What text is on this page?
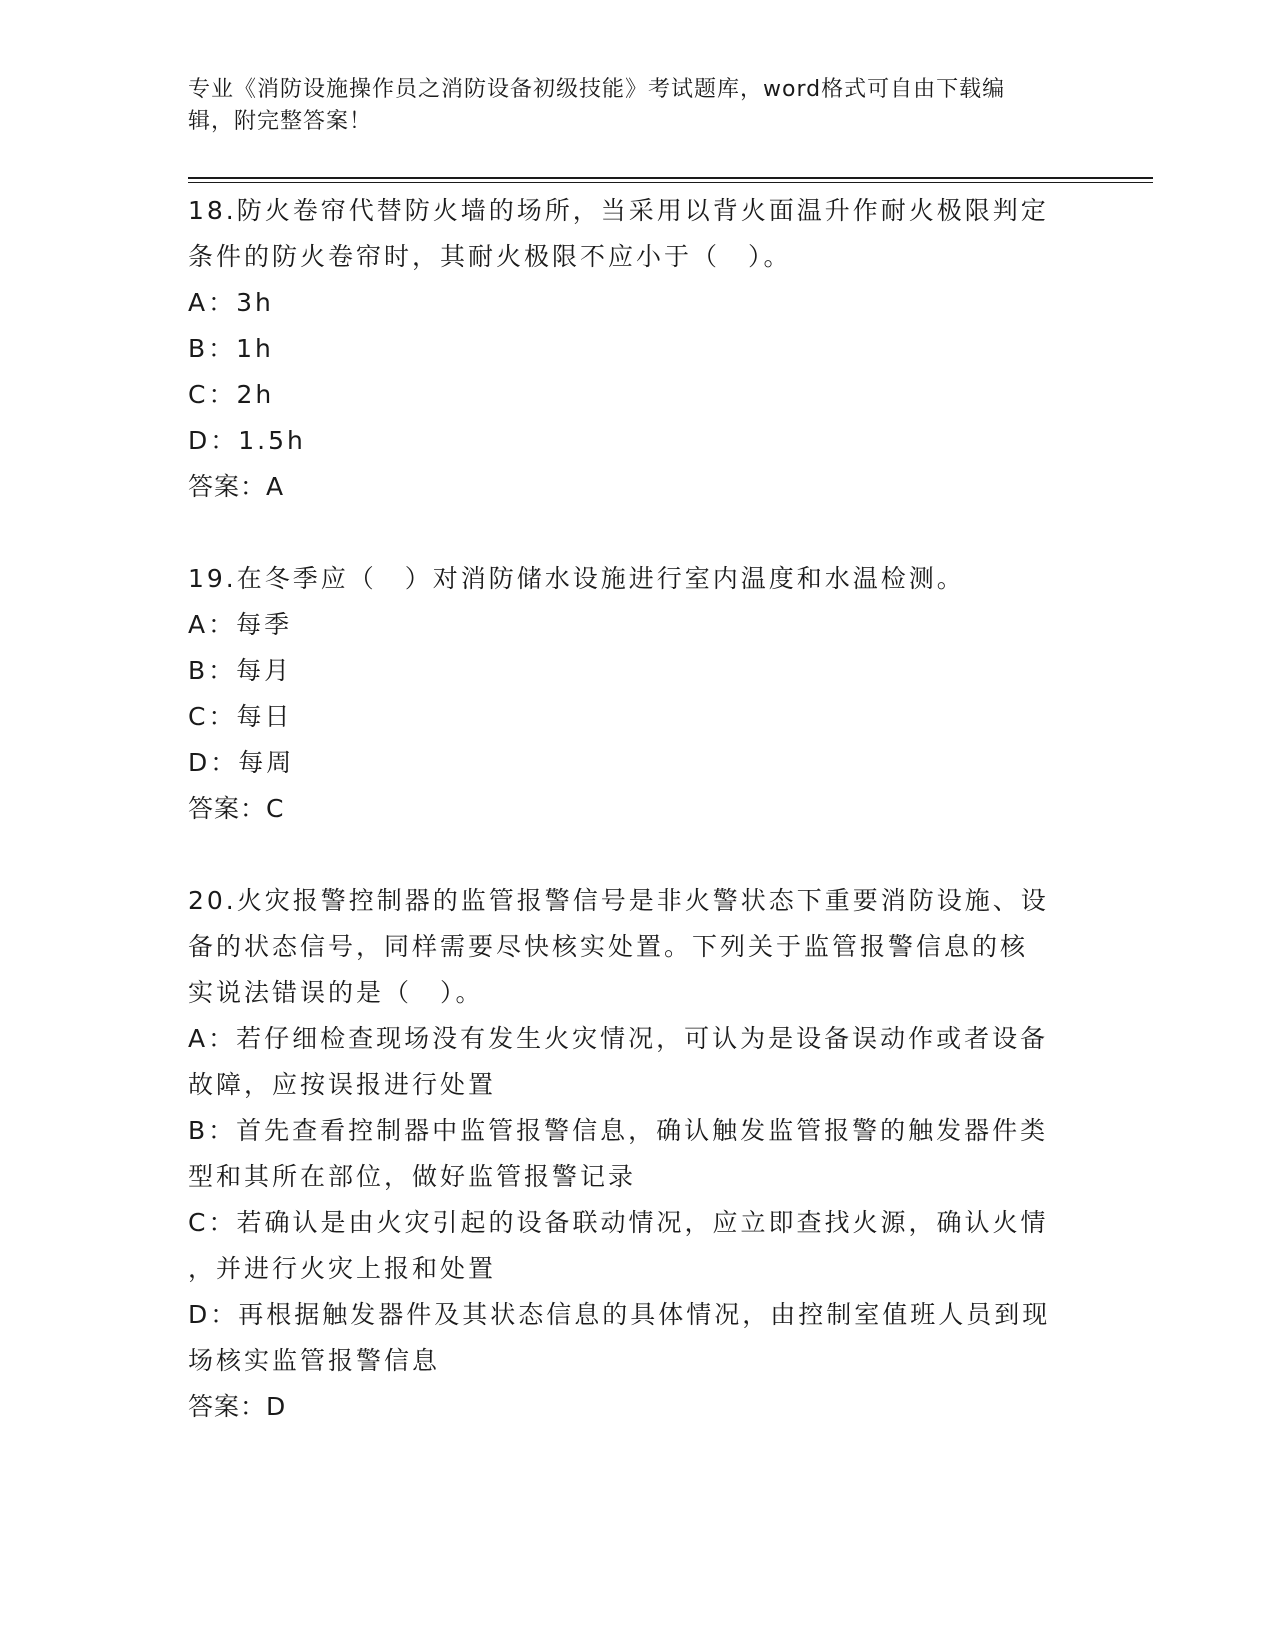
专业《消防设施操作员之消防设备初级技能》考试题库，word格式可自由下载编
辑，附完整答案！

18.防火卷帘代替防火墙的场所，当采用以背火面温升作耐火极限判定

条件的防火卷帘时，其耐火极限不应小于（　）。

A：3h

B：1h

C：2h

D：1.5h

答案：A

19.在冬季应（　）对消防储水设施进行室内温度和水温检测。

A：每季

B：每月

C：每日

D：每周

答案：C

20.火灾报警控制器的监管报警信号是非火警状态下重要消防设施、设

备的状态信号，同样需要尽快核实处置。下列关于监管报警信息的核

实说法错误的是（　）。

A：若仔细检查现场没有发生火灾情况，可认为是设备误动作或者设备

故障，应按误报进行处置

B：首先查看控制器中监管报警信息，确认触发监管报警的触发器件类

型和其所在部位，做好监管报警记录

C：若确认是由火灾引起的设备联动情况，应立即查找火源，确认火情

，并进行火灾上报和处置

D：再根据触发器件及其状态信息的具体情况，由控制室值班人员到现

场核实监管报警信息

答案：D
